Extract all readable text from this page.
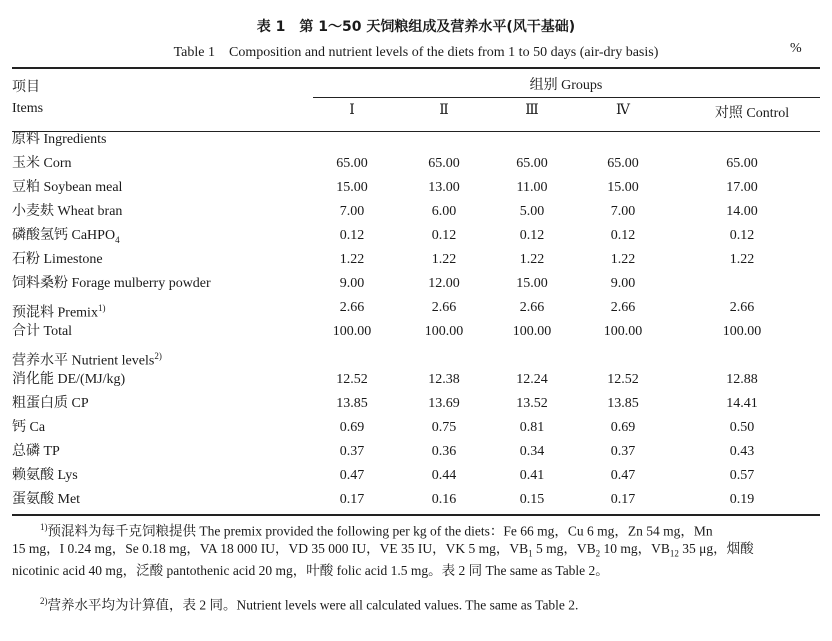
表 1　第 1～50 天饲粮组成及营养水平(风干基础)
Table 1　Composition and nutrient levels of the diets from 1 to 50 days (air-dry basis)	%
项目
Items
组别 Groups
Ⅰ	Ⅱ	Ⅲ	Ⅳ	对照 Control
原料 Ingredients
玉米 Corn	65.00	65.00	65.00	65.00	65.00
豆粕 Soybean meal	15.00	13.00	11.00	15.00	17.00
小麦麸 Wheat bran	7.00	6.00	5.00	7.00	14.00
磷酸氢钙 CaHPO$_4$	0.12	0.12	0.12	0.12	0.12
石粉 Limestone	1.22	1.22	1.22	1.22	1.22
饲料桑粉 Forage mulberry powder	9.00	12.00	15.00	9.00
预混料 Premix$^{1)}$	2.66	2.66	2.66	2.66	2.66
合计 Total	100.00	100.00	100.00	100.00	100.00
营养水平 Nutrient levels$^{2)}$
消化能 DE/(MJ/kg)	12.52	12.38	12.24	12.52	12.88
粗蛋白质 CP	13.85	13.69	13.52	13.85	14.41
钙 Ca	0.69	0.75	0.81	0.69	0.50
总磷 TP	0.37	0.36	0.34	0.37	0.43
赖氨酸 Lys	0.47	0.44	0.41	0.47	0.57
蛋氨酸 Met	0.17	0.16	0.15	0.17	0.19
$^{1)}$预混料为每千克饲粮提供 The premix provided the following per kg of the diets：Fe 66 mg，Cu 6 mg，Zn 54 mg，Mn
15 mg，I 0.24 mg，Se 0.18 mg，VA 18 000 IU，VD 35 000 IU，VE 35 IU，VK 5 mg，$VB_1$ 5 mg，$VB_2$ 10 mg，$VB_{12}$ 35 μg，烟酸
nicotinic acid 40 mg，泛酸 pantothenic acid 20 mg，叶酸 folic acid 1.5 mg。表 2 同 The same as Table 2。
$^{2)}$营养水平均为计算值，表 2 同。Nutrient levels were all calculated values. The same as Table 2.
